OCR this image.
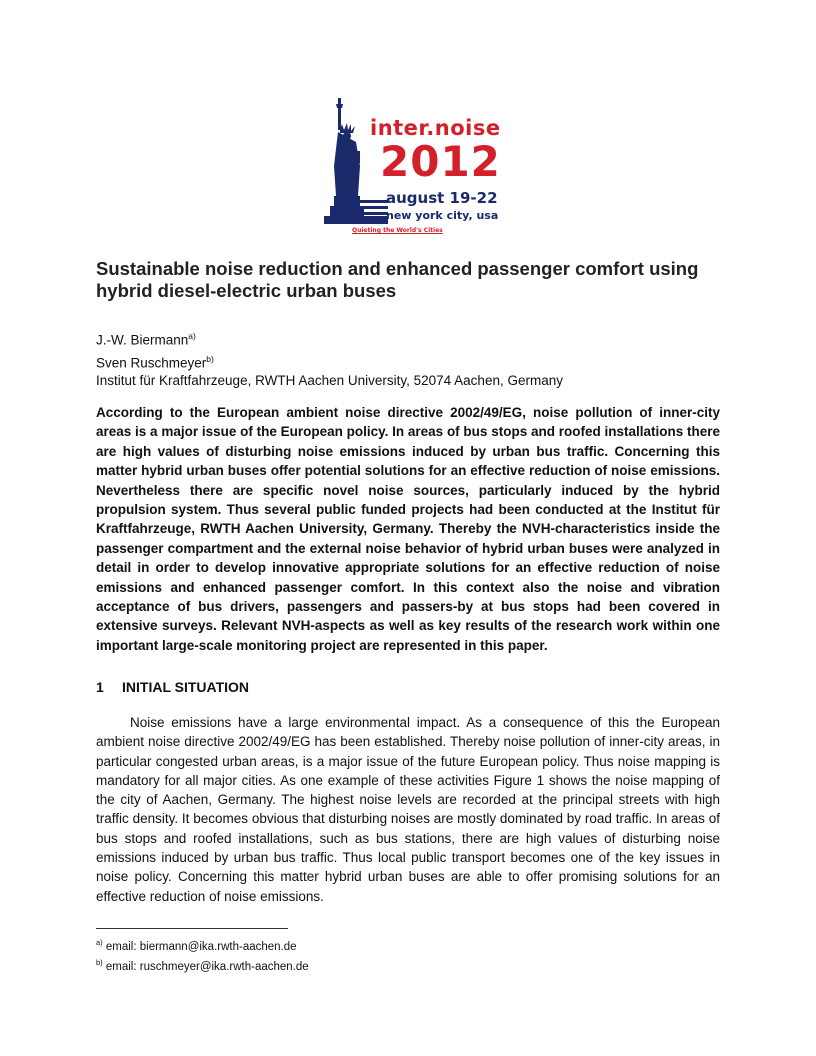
inter.noise
2012
august 19-22
new york city, usa
Quieting the World's Cities
Sustainable noise reduction and enhanced passenger comfort using hybrid diesel-electric urban buses
J.-W. Biermann$^{a)}$
Sven Ruschmeyer$^{b)}$
Institut für Kraftfahrzeuge, RWTH Aachen University, 52074 Aachen, Germany

According to the European ambient noise directive 2002/49/EG, noise pollution of inner-city areas is a major issue of the European policy. In areas of bus stops and roofed installations there are high values of disturbing noise emissions induced by urban bus traffic. Concerning this matter hybrid urban buses offer potential solutions for an effective reduction of noise emissions. Nevertheless there are specific novel noise sources, particularly induced by the hybrid propulsion system. Thus several public funded projects had been conducted at the Institut für Kraftfahrzeuge, RWTH Aachen University, Germany. Thereby the NVH-characteristics inside the passenger compartment and the external noise behavior of hybrid urban buses were analyzed in detail in order to develop innovative appropriate solutions for an effective reduction of noise emissions and enhanced passenger comfort. In this context also the noise and vibration acceptance of bus drivers, passengers and passers-by at bus stops had been covered in extensive surveys. Relevant NVH-aspects as well as key results of the research work within one important large-scale monitoring project are represented in this paper.

1 INITIAL SITUATION

Noise emissions have a large environmental impact. As a consequence of this the European ambient noise directive 2002/49/EG has been established. Thereby noise pollution of inner-city areas, in particular congested urban areas, is a major issue of the future European policy. Thus noise mapping is mandatory for all major cities. As one example of these activities Figure 1 shows the noise mapping of the city of Aachen, Germany. The highest noise levels are recorded at the principal streets with high traffic density. It becomes obvious that disturbing noises are mostly dominated by road traffic. In areas of bus stops and roofed installations, such as bus stations, there are high values of disturbing noise emissions induced by urban bus traffic. Thus local public transport becomes one of the key issues in noise policy. Concerning this matter hybrid urban buses are able to offer promising solutions for an effective reduction of noise emissions.

$^{a)}$ email: biermann@ika.rwth-aachen.de
$^{b)}$ email: ruschmeyer@ika.rwth-aachen.de
